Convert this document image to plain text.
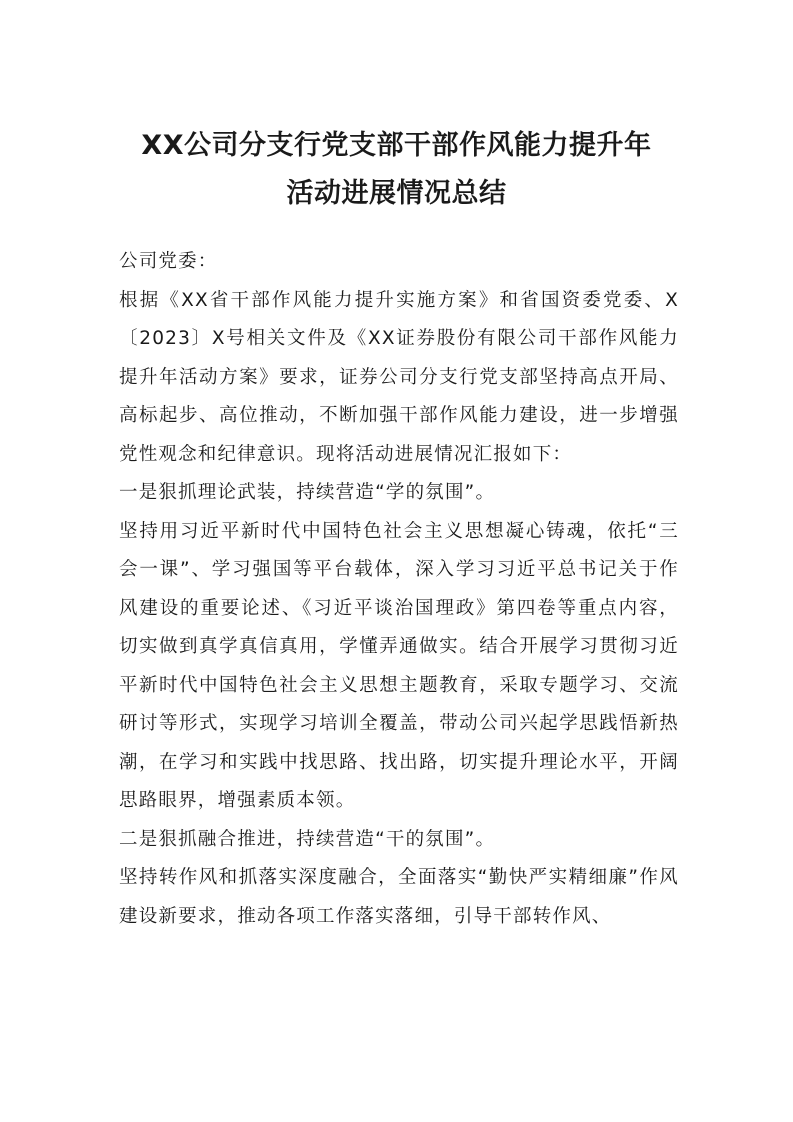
XX公司分支行党支部干部作风能力提升年
活动进展情况总结

公司党委：

根据《XX省干部作风能力提升实施方案》和省国资委党委、X〔2023〕X号相关文件及《XX证券股份有限公司干部作风能力提升年活动方案》要求，证券公司分支行党支部坚持高点开局、高标起步、高位推动，不断加强干部作风能力建设，进一步增强党性观念和纪律意识。现将活动进展情况汇报如下：

一是狠抓理论武装，持续营造“学的氛围”。

坚持用习近平新时代中国特色社会主义思想凝心铸魂，依托“三会一课”、学习强国等平台载体，深入学习习近平总书记关于作风建设的重要论述、《习近平谈治国理政》第四卷等重点内容，切实做到真学真信真用，学懂弄通做实。结合开展学习贯彻习近平新时代中国特色社会主义思想主题教育，采取专题学习、交流研讨等形式，实现学习培训全覆盖，带动公司兴起学思践悟新热潮，在学习和实践中找思路、找出路，切实提升理论水平，开阔思路眼界，增强素质本领。

二是狠抓融合推进，持续营造“干的氛围”。

坚持转作风和抓落实深度融合，全面落实“勤快严实精细廉”作风建设新要求，推动各项工作落实落细，引导干部转作风、
